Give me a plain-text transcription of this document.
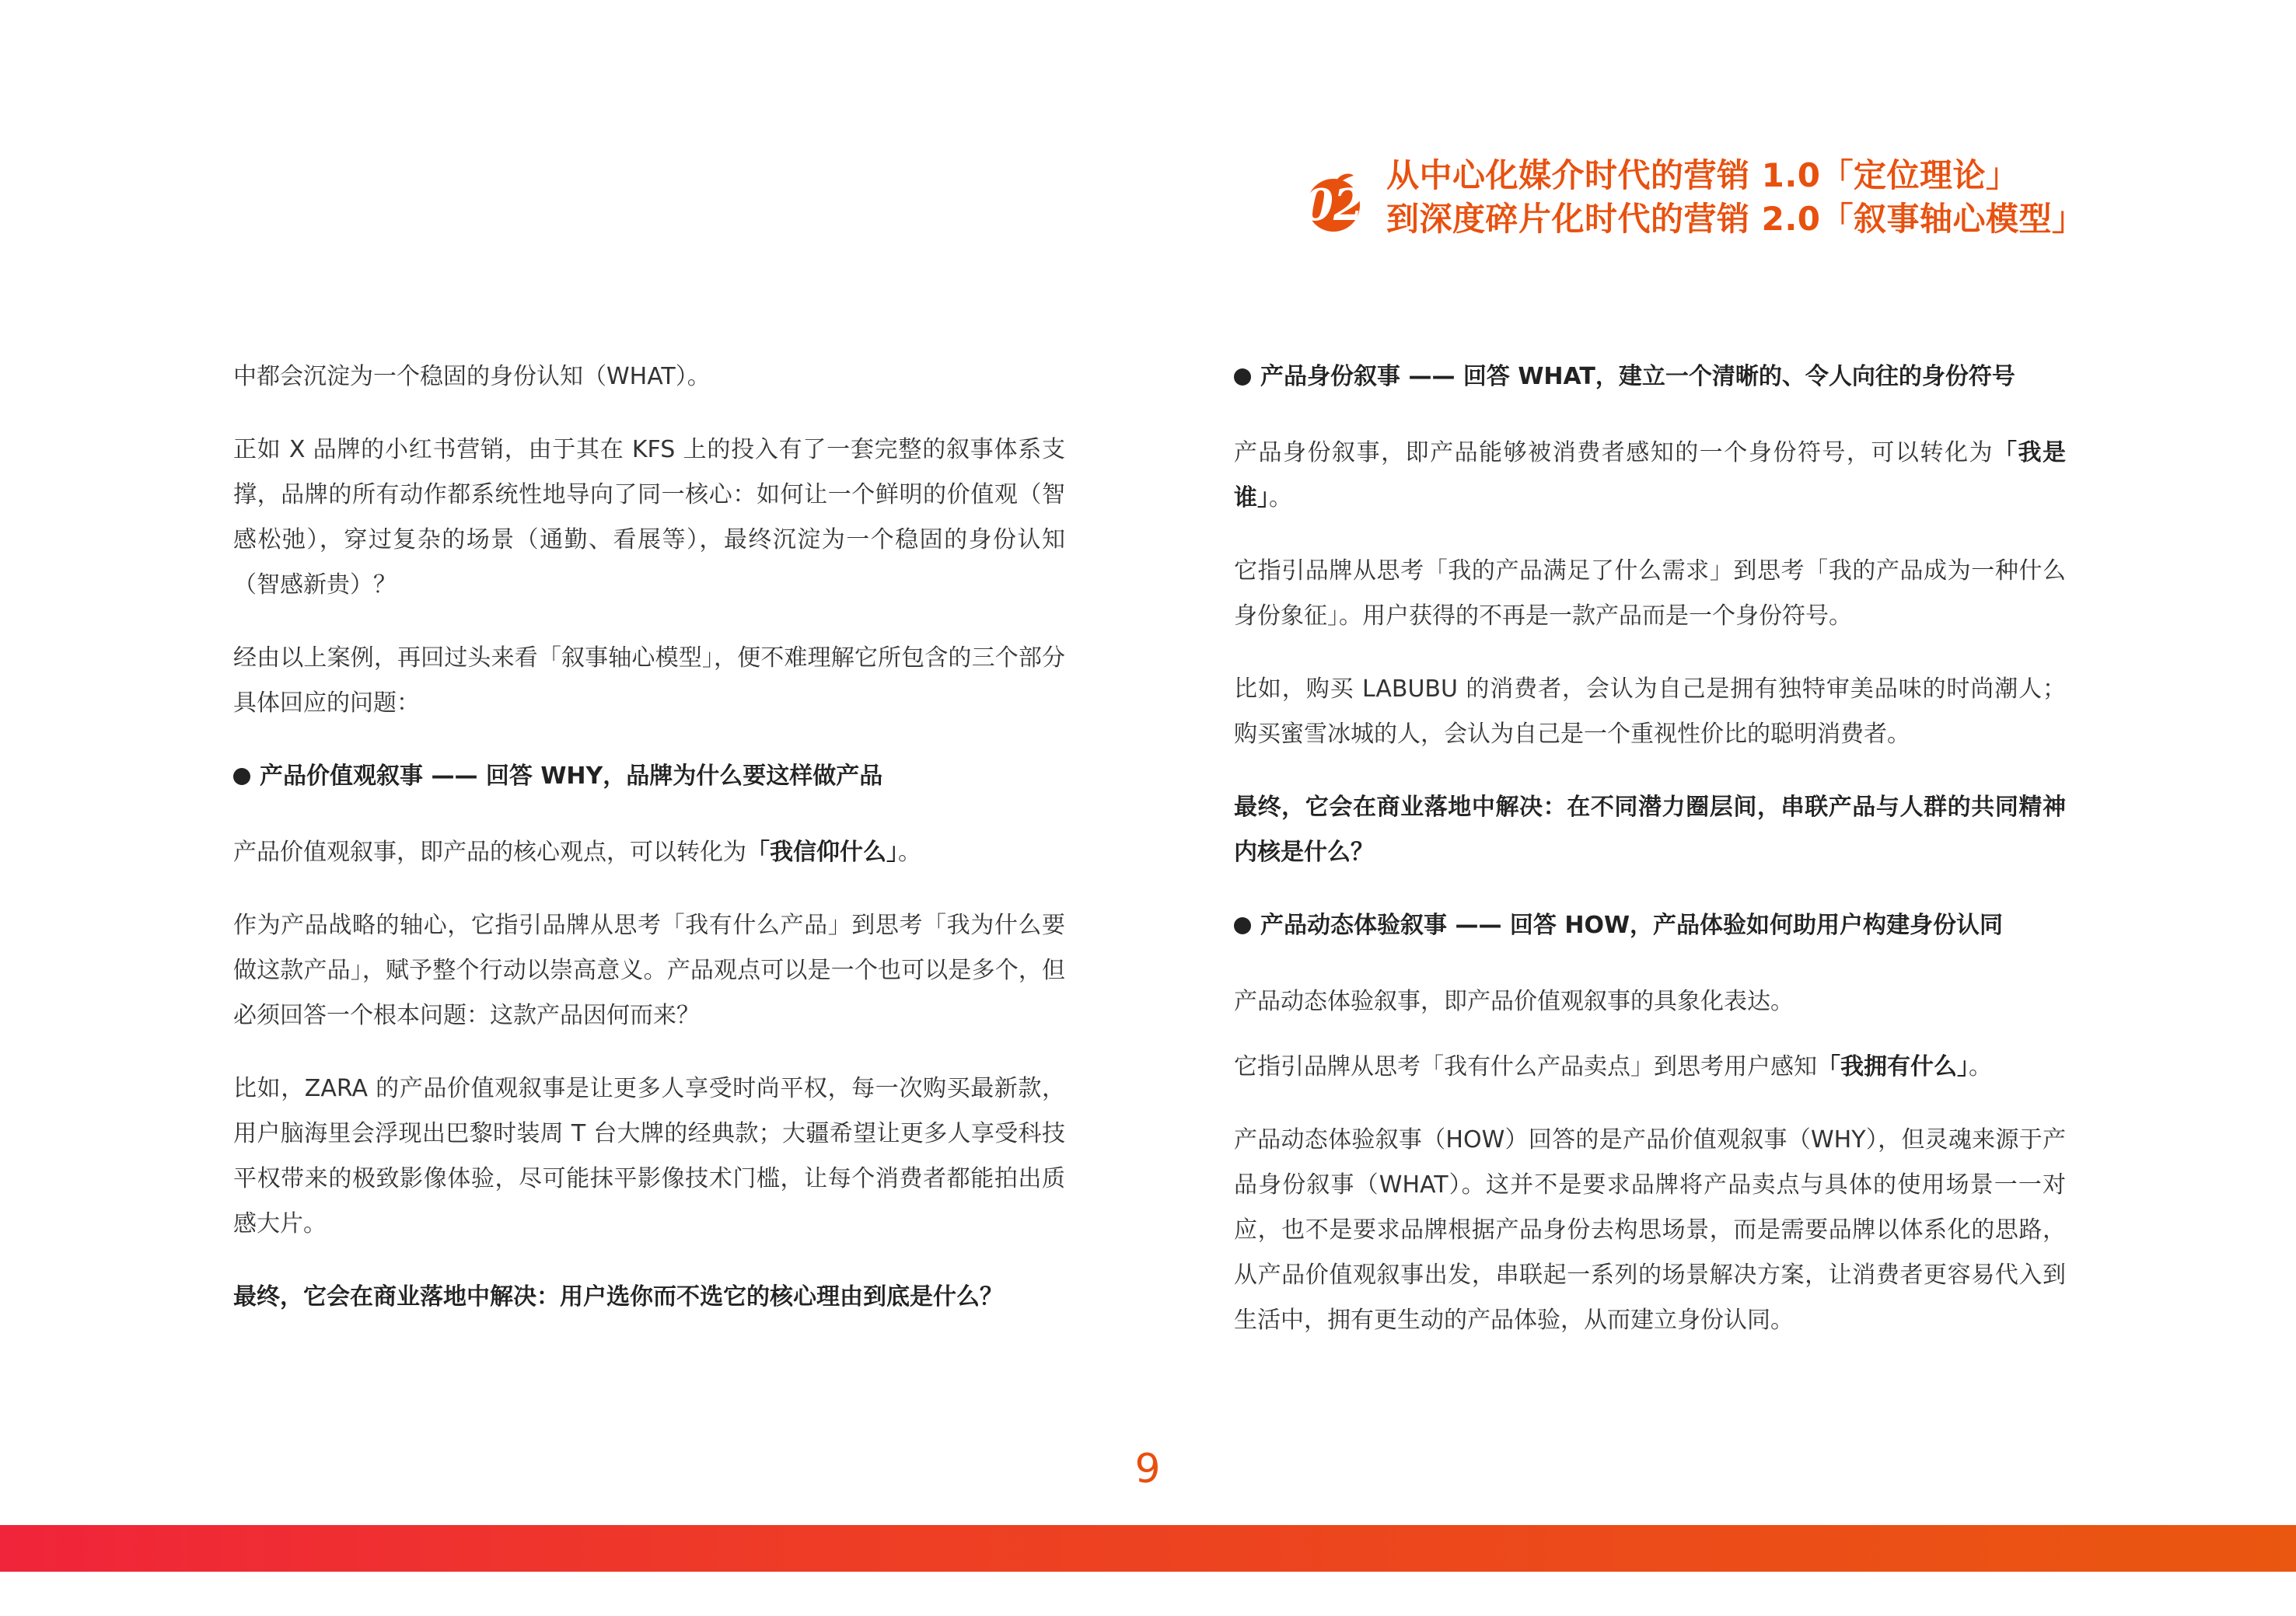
02
从中心化媒介时代的营销 1.0「定位理论」
到深度碎片化时代的营销 2.0「叙事轴心模型」

中都会沉淀为一个稳固的身份认知（WHAT）。

正如 X 品牌的小红书营销，由于其在 KFS 上的投入有了一套完整的叙事体系支撑，品牌的所有动作都系统性地导向了同一核心：如何让一个鲜明的价值观（智感松弛），穿过复杂的场景（通勤、看展等），最终沉淀为一个稳固的身份认知（智感新贵）？

经由以上案例，再回过头来看「叙事轴心模型」，便不难理解它所包含的三个部分具体回应的问题：

产品价值观叙事 —— 回答 WHY，品牌为什么要这样做产品

产品价值观叙事，即产品的核心观点，可以转化为「我信仰什么」。

作为产品战略的轴心，它指引品牌从思考「我有什么产品」到思考「我为什么要做这款产品」，赋予整个行动以崇高意义。产品观点可以是一个也可以是多个，但必须回答一个根本问题：这款产品因何而来？

比如，ZARA 的产品价值观叙事是让更多人享受时尚平权，每一次购买最新款，用户脑海里会浮现出巴黎时装周 T 台大牌的经典款；大疆希望让更多人享受科技平权带来的极致影像体验，尽可能抹平影像技术门槛，让每个消费者都能拍出质感大片。

最终，它会在商业落地中解决：用户选你而不选它的核心理由到底是什么？

产品身份叙事 —— 回答 WHAT，建立一个清晰的、令人向往的身份符号

产品身份叙事，即产品能够被消费者感知的一个身份符号，可以转化为「我是谁」。

它指引品牌从思考「我的产品满足了什么需求」到思考「我的产品成为一种什么身份象征」。用户获得的不再是一款产品而是一个身份符号。

比如，购买 LABUBU 的消费者，会认为自己是拥有独特审美品味的时尚潮人；购买蜜雪冰城的人，会认为自己是一个重视性价比的聪明消费者。

最终，它会在商业落地中解决：在不同潜力圈层间，串联产品与人群的共同精神内核是什么？

产品动态体验叙事 —— 回答 HOW，产品体验如何助用户构建身份认同

产品动态体验叙事，即产品价值观叙事的具象化表达。

它指引品牌从思考「我有什么产品卖点」到思考用户感知「我拥有什么」。

产品动态体验叙事（HOW）回答的是产品价值观叙事（WHY），但灵魂来源于产品身份叙事（WHAT）。这并不是要求品牌将产品卖点与具体的使用场景一一对应，也不是要求品牌根据产品身份去构思场景，而是需要品牌以体系化的思路，从产品价值观叙事出发，串联起一系列的场景解决方案，让消费者更容易代入到生活中，拥有更生动的产品体验，从而建立身份认同。

9
